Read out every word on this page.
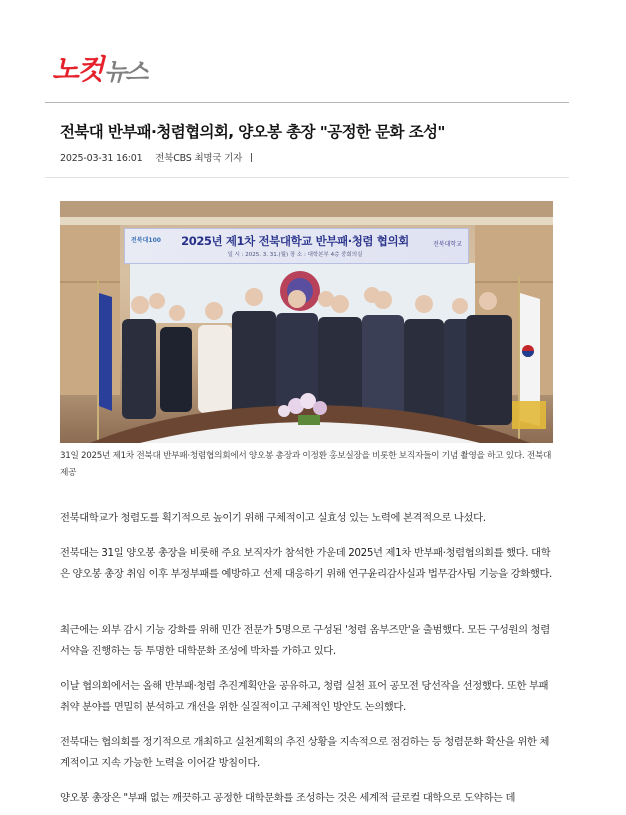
노컷 뉴스
전북대 반부패·청렴협의회, 양오봉 총장 "공정한 문화 조성"
2025-03-31 16:01 전북CBS 최명국 기자
전북대100	2025년 제1차 전북대학교 반부패·청렴 협의회
일 시 : 2025. 3. 31.(월) 장 소 : 대학본부 4층 중회의실
전북대학교
31일 2025년 제1차 전북대 반부패·청렴협의회에서 양오봉 총장과 이정환 홍보실장을 비롯한 보직자들이 기념 촬영을 하고 있다. 전북대 제공

전북대학교가 청렴도를 획기적으로 높이기 위해 구체적이고 실효성 있는 노력에 본격적으로 나섰다.

전북대는 31일 양오봉 총장을 비롯해 주요 보직자가 참석한 가운데 2025년 제1차 반부패·청렴협의회를 했다. 대학은 양오봉 총장 취임 이후 부정부패를 예방하고 선제 대응하기 위해 연구윤리감사실과 법무감사팀 기능을 강화했다.

최근에는 외부 감시 기능 강화를 위해 민간 전문가 5명으로 구성된 '청렴 옴부즈만'을 출범했다. 모든 구성원의 청렴 서약을 진행하는 등 투명한 대학문화 조성에 박차를 가하고 있다.

이날 협의회에서는 올해 반부패·청렴 추진계획안을 공유하고, 청렴 실천 표어 공모전 당선작을 선정했다. 또한 부패 취약 분야를 면밀히 분석하고 개선을 위한 실질적이고 구체적인 방안도 논의했다.

전북대는 협의회를 정기적으로 개최하고 실천계획의 추진 상황을 지속적으로 점검하는 등 청렴문화 확산을 위한 체계적이고 지속 가능한 노력을 이어갈 방침이다.

양오봉 총장은 "부패 없는 깨끗하고 공정한 대학문화를 조성하는 것은 세계적 글로컬 대학으로 도약하는 데
